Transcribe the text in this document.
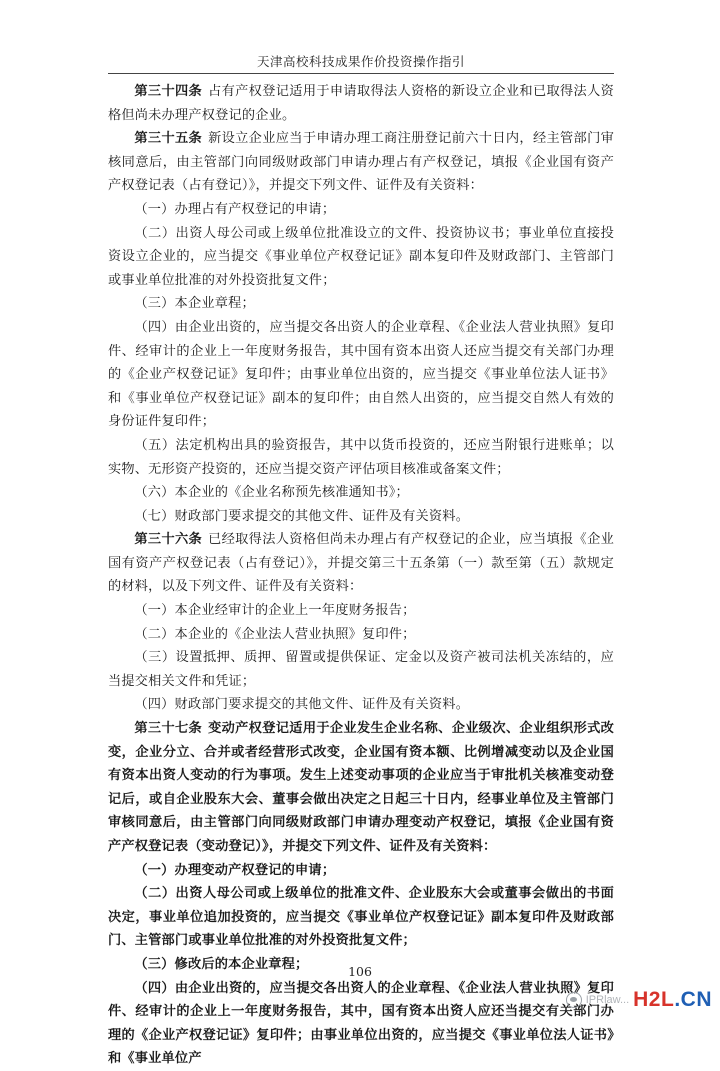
天津高校科技成果作价投资操作指引

第三十四条 占有产权登记适用于申请取得法人资格的新设立企业和已取得法人资格但尚未办理产权登记的企业。

第三十五条 新设立企业应当于申请办理工商注册登记前六十日内，经主管部门审核同意后，由主管部门向同级财政部门申请办理占有产权登记，填报《企业国有资产产权登记表（占有登记）》，并提交下列文件、证件及有关资料：

（一）办理占有产权登记的申请；

（二）出资人母公司或上级单位批准设立的文件、投资协议书；事业单位直接投资设立企业的，应当提交《事业单位产权登记证》副本复印件及财政部门、主管部门或事业单位批准的对外投资批复文件；

（三）本企业章程；

（四）由企业出资的，应当提交各出资人的企业章程、《企业法人营业执照》复印件、经审计的企业上一年度财务报告，其中国有资本出资人还应当提交有关部门办理的《企业产权登记证》复印件；由事业单位出资的，应当提交《事业单位法人证书》和《事业单位产权登记证》副本的复印件；由自然人出资的，应当提交自然人有效的身份证件复印件；

（五）法定机构出具的验资报告，其中以货币投资的，还应当附银行进账单；以实物、无形资产投资的，还应当提交资产评估项目核准或备案文件；

（六）本企业的《企业名称预先核准通知书》；

（七）财政部门要求提交的其他文件、证件及有关资料。

第三十六条 已经取得法人资格但尚未办理占有产权登记的企业，应当填报《企业国有资产产权登记表（占有登记）》，并提交第三十五条第（一）款至第（五）款规定的材料，以及下列文件、证件及有关资料：

（一）本企业经审计的企业上一年度财务报告；

（二）本企业的《企业法人营业执照》复印件；

（三）设置抵押、质押、留置或提供保证、定金以及资产被司法机关冻结的，应当提交相关文件和凭证；

（四）财政部门要求提交的其他文件、证件及有关资料。

第三十七条 变动产权登记适用于企业发生企业名称、企业级次、企业组织形式改变，企业分立、合并或者经营形式改变，企业国有资本额、比例增减变动以及企业国有资本出资人变动的行为事项。发生上述变动事项的企业应当于审批机关核准变动登记后，或自企业股东大会、董事会做出决定之日起三十日内，经事业单位及主管部门审核同意后，由主管部门向同级财政部门申请办理变动产权登记，填报《企业国有资产产权登记表（变动登记）》，并提交下列文件、证件及有关资料：

（一）办理变动产权登记的申请；

（二）出资人母公司或上级单位的批准文件、企业股东大会或董事会做出的书面决定，事业单位追加投资的，应当提交《事业单位产权登记证》副本复印件及财政部门、主管部门或事业单位批准的对外投资批复文件；

（三）修改后的本企业章程；

（四）由企业出资的，应当提交各出资人的企业章程、《企业法人营业执照》复印件、经审计的企业上一年度财务报告，其中，国有资本出资人应还当提交有关部门办理的《企业产权登记证》复印件；由事业单位出资的，应当提交《事业单位法人证书》和《事业单位产

106
IPRlaw... H2L.CN
